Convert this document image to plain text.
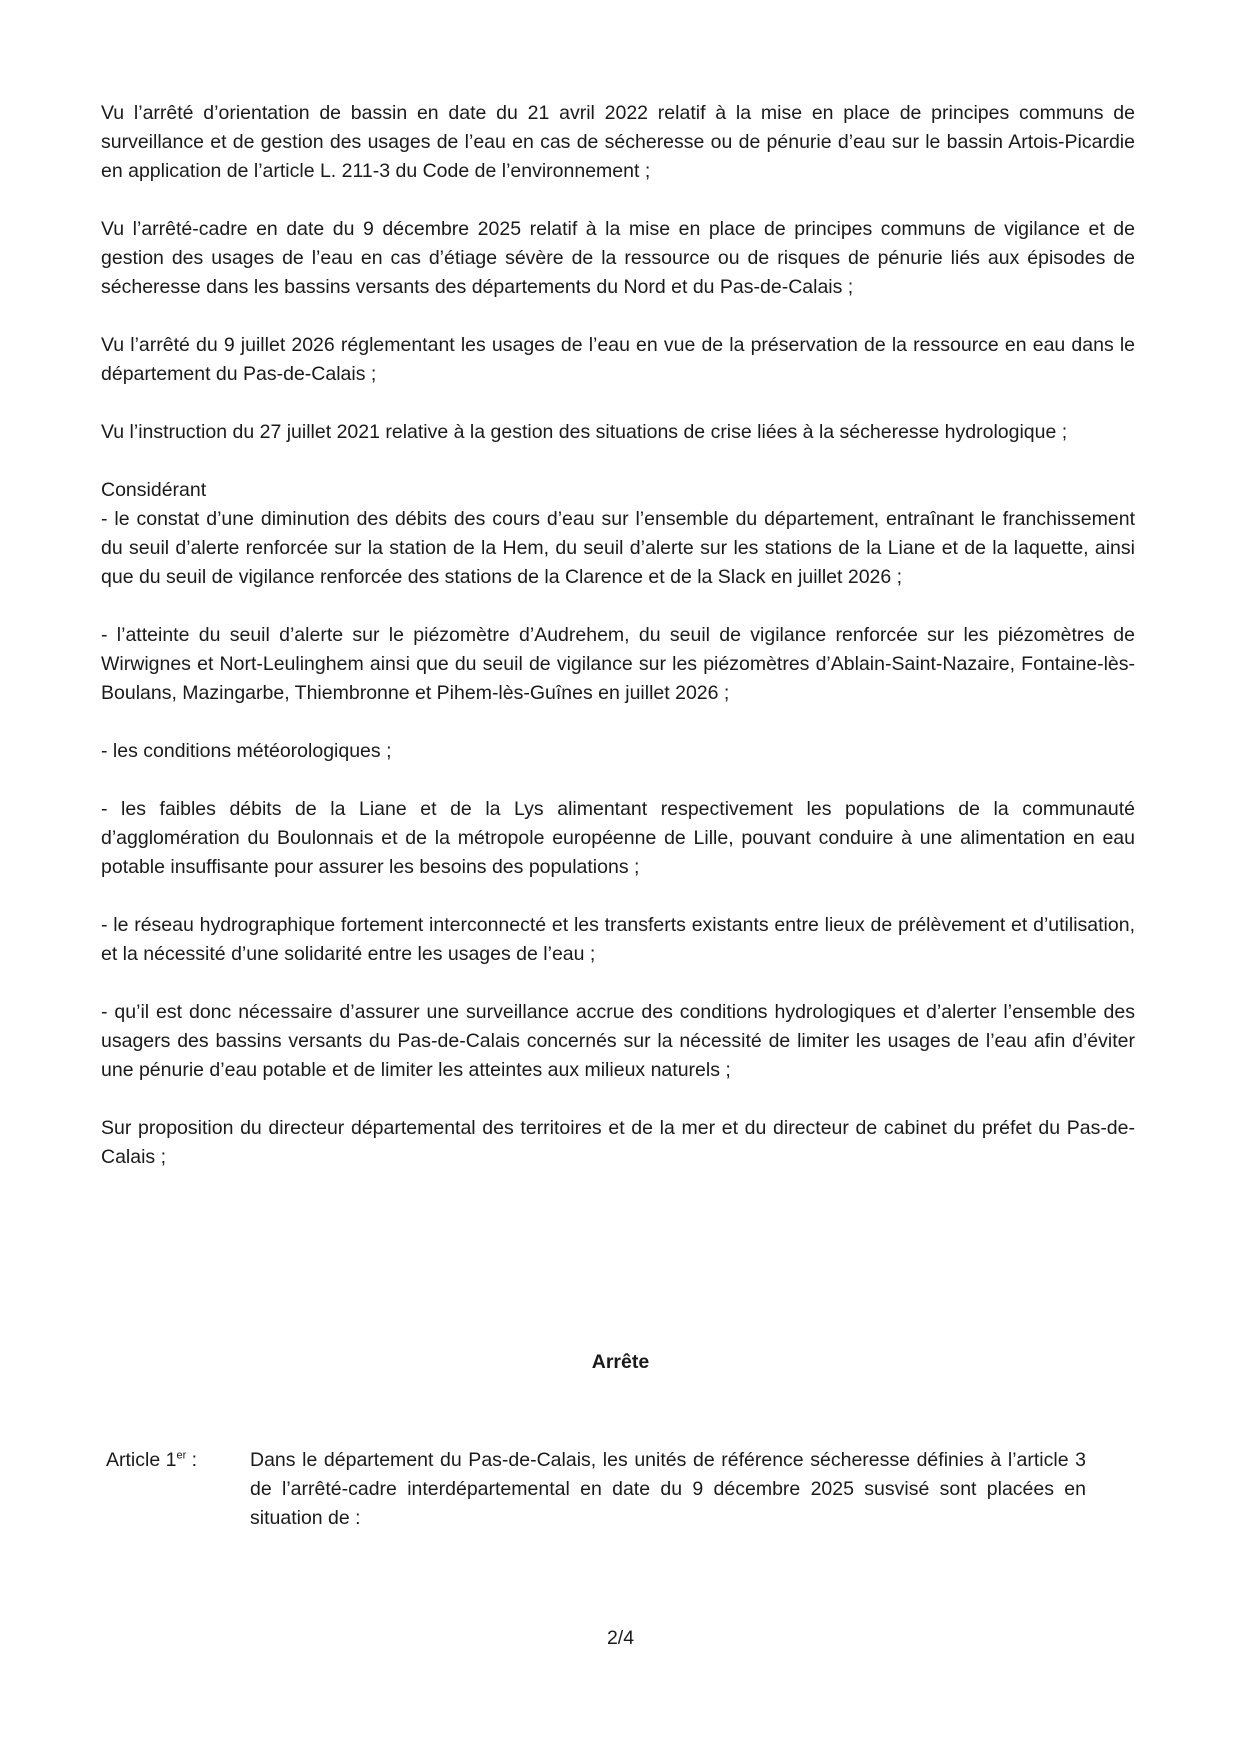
Vu l’arrêté d’orientation de bassin en date du 21 avril 2022 relatif à la mise en place de principes communs de surveillance et de gestion des usages de l’eau en cas de sécheresse ou de pénurie d’eau sur le bassin Artois-Picardie en application de l’article L. 211-3 du Code de l’environnement ;

Vu l’arrêté-cadre en date du 9 décembre 2025 relatif à la mise en place de principes communs de vigilance et de gestion des usages de l’eau en cas d’étiage sévère de la ressource ou de risques de pénurie liés aux épisodes de sécheresse dans les bassins versants des départements du Nord et du Pas-de-Calais ;

Vu l’arrêté du 9 juillet 2026 réglementant les usages de l’eau en vue de la préservation de la ressource en eau dans le département du Pas-de-Calais ;

Vu l’instruction du 27 juillet 2021 relative à la gestion des situations de crise liées à la sécheresse hydrologique ;

Considérant

- le constat d’une diminution des débits des cours d’eau sur l’ensemble du département, entraînant le franchissement du seuil d’alerte renforcée sur la station de la Hem, du seuil d’alerte sur les stations de la Liane et de la laquette, ainsi que du seuil de vigilance renforcée des stations de la Clarence et de la Slack en juillet 2026 ;

- l’atteinte du seuil d’alerte sur le piézomètre d’Audrehem, du seuil de vigilance renforcée sur les piézomètres de Wirwignes et Nort-Leulinghem ainsi que du seuil de vigilance sur les piézomètres d’Ablain-Saint-Nazaire, Fontaine-lès-Boulans, Mazingarbe, Thiembronne et Pihem-lès-Guînes en juillet 2026 ;

- les conditions météorologiques ;

- les faibles débits de la Liane et de la Lys alimentant respectivement les populations de la communauté d’agglomération du Boulonnais et de la métropole européenne de Lille, pouvant conduire à une alimentation en eau potable insuffisante pour assurer les besoins des populations ;

- le réseau hydrographique fortement interconnecté et les transferts existants entre lieux de prélèvement et d’utilisation, et la nécessité d’une solidarité entre les usages de l’eau ;

- qu’il est donc nécessaire d’assurer une surveillance accrue des conditions hydrologiques et d’alerter l’ensemble des usagers des bassins versants du Pas-de-Calais concernés sur la nécessité de limiter les usages de l’eau afin d’éviter une pénurie d’eau potable et de limiter les atteintes aux milieux naturels ;

Sur proposition du directeur départemental des territoires et de la mer et du directeur de cabinet du préfet du Pas-de-Calais ;

Arrête
Article 1er :	Dans le département du Pas-de-Calais, les unités de référence sécheresse définies à l’article 3 de l’arrêté-cadre interdépartemental en date du 9 décembre 2025 susvisé sont placées en situation de :
2/4
